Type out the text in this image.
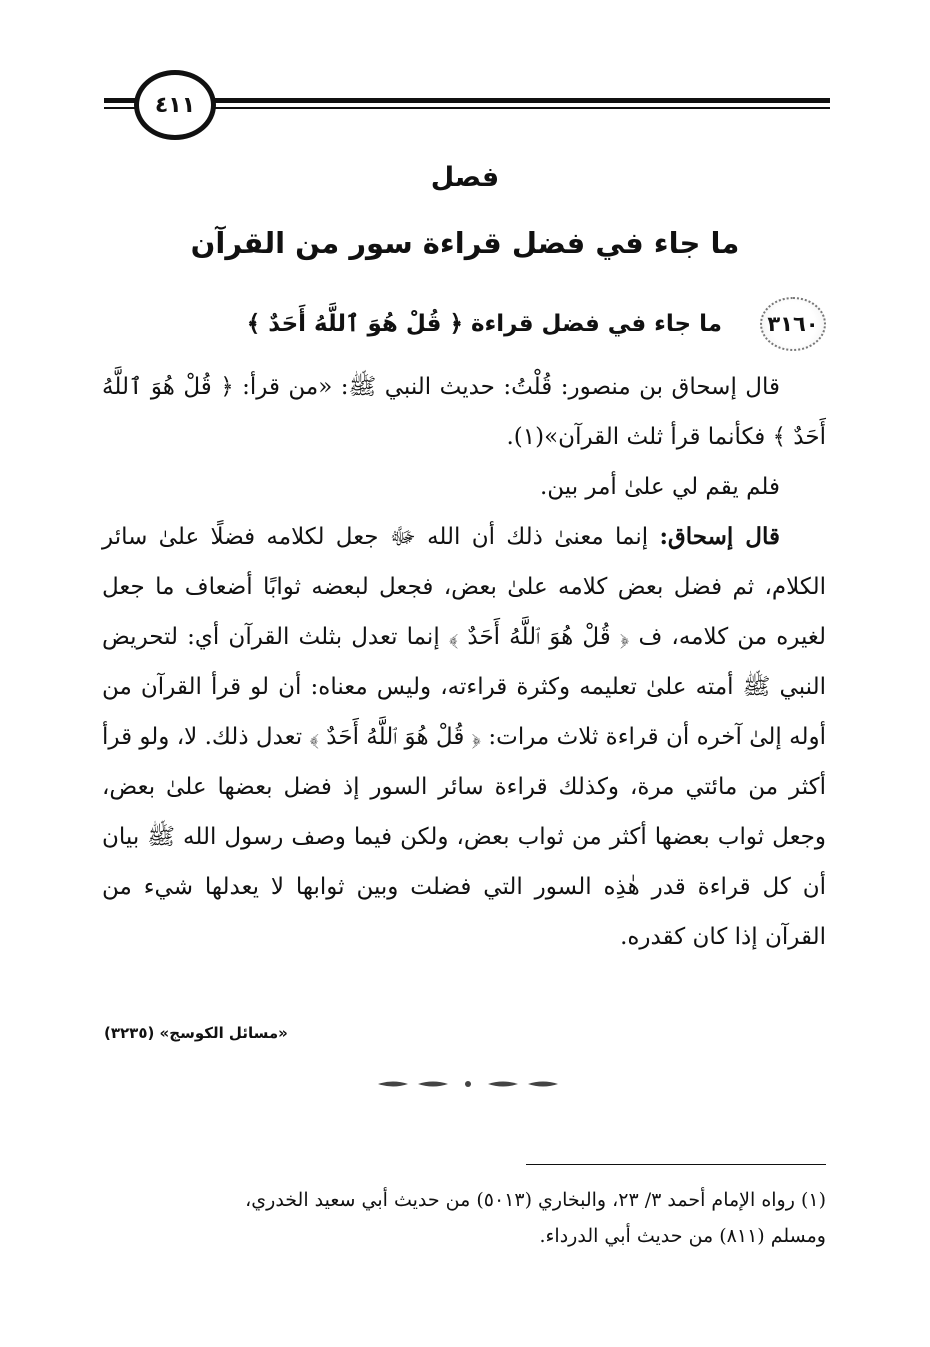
٤١١
فصل
ما جاء في فضل قراءة سور من القرآن
٣١٦٠
ما جاء في فضل قراءة ﴿ قُلْ هُوَ ٱللَّهُ أَحَدٌ ﴾

قال إسحاق بن منصور: قُلْتُ: حديث النبي ﷺ: «من قرأ: ﴿ قُلْ هُوَ ٱللَّهُ أَحَدٌ ﴾ فكأنما قرأ ثلث القرآن»(١).

فلم يقم لي علىٰ أمر بين.

قال إسحاق: إنما معنىٰ ذلك أن الله ﷻ جعل لكلامه فضلًا علىٰ سائر الكلام، ثم فضل بعض كلامه علىٰ بعض، فجعل لبعضه ثوابًا أضعاف ما جعل لغيره من كلامه، ف ﴿ قُلْ هُوَ ٱللَّهُ أَحَدٌ ﴾ إنما تعدل بثلث القرآن أي: لتحريض النبي ﷺ أمته علىٰ تعليمه وكثرة قراءته، وليس معناه: أن لو قرأ القرآن من أوله إلىٰ آخره أن قراءة ثلاث مرات: ﴿ قُلْ هُوَ ٱللَّهُ أَحَدٌ ﴾ تعدل ذلك. لا، ولو قرأ أكثر من مائتي مرة، وكذلك قراءة سائر السور إذ فضل بعضها علىٰ بعض، وجعل ثواب بعضها أكثر من ثواب بعض، ولكن فيما وصف رسول الله ﷺ بيان أن كل قراءة قدر هٰذِه السور التي فضلت وبين ثوابها لا يعدلها شيء من القرآن إذا كان كقدره.

«مسائل الكوسج» (٣٢٣٥)

(١) رواه الإمام أحمد ٣/ ٢٣، والبخاري (٥٠١٣) من حديث أبي سعيد الخدري،

ومسلم (٨١١) من حديث أبي الدرداء.
